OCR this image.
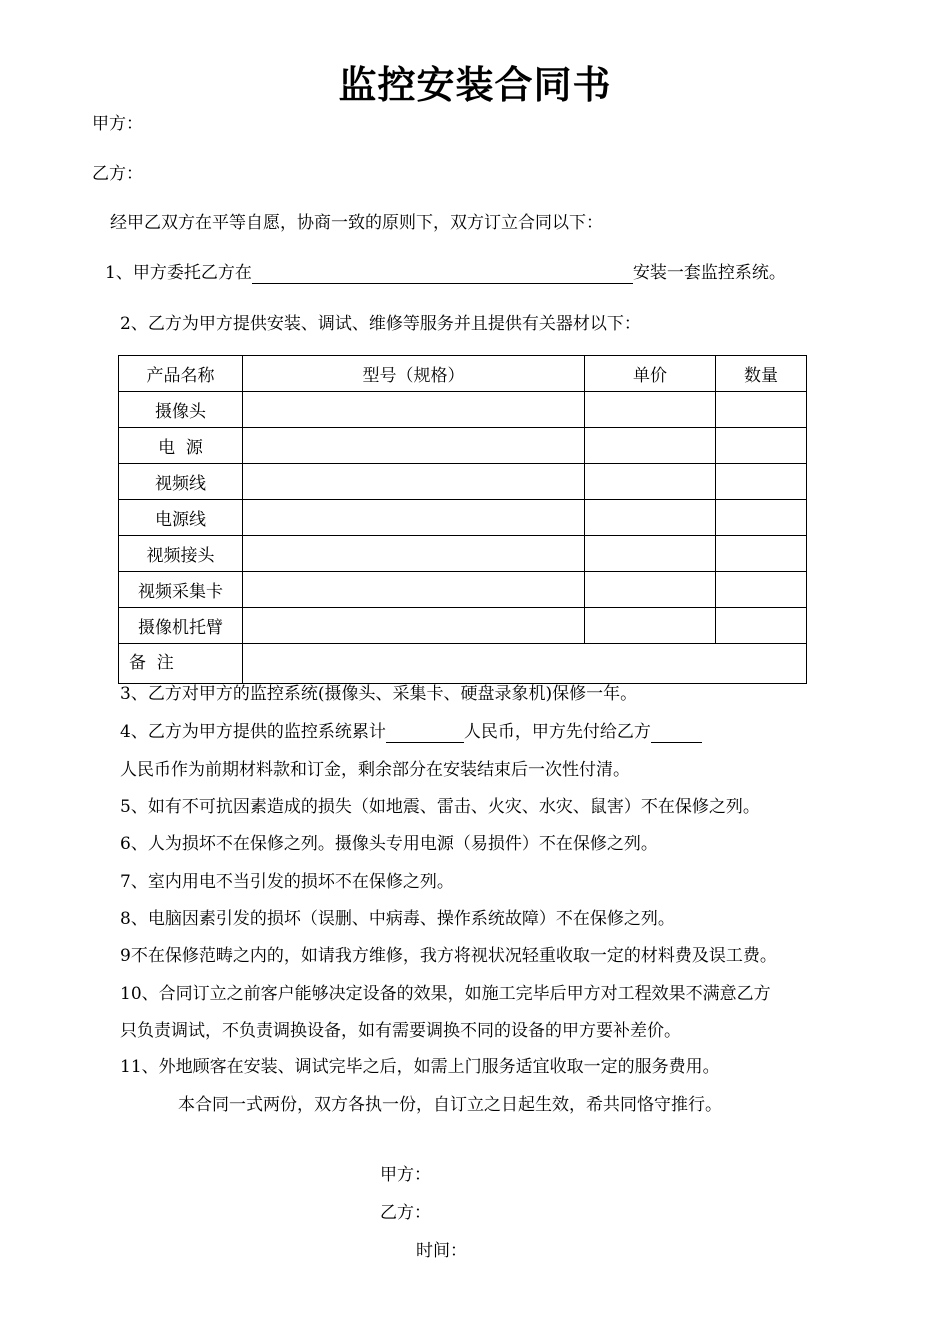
监控安装合同书
甲方：
乙方：
经甲乙双方在平等自愿，协商一致的原则下，双方订立合同以下：
1、甲方委托乙方在	安装一套监控系统。
2、乙方为甲方提供安装、调试、维修等服务并且提供有关器材以下：
产品名称	型号（规格）	单价	数量
摄像头			
电  源			
视频线			
电源线			
视频接头			
视频采集卡			
摄像机托臂			
备  注			
3、乙方对甲方的监控系统(摄像头、采集卡、硬盘录象机)保修一年。
4、乙方为甲方提供的监控系统累计	人民币，甲方先付给乙方
人民币作为前期材料款和订金，剩余部分在安装结束后一次性付清。
5、如有不可抗因素造成的损失（如地震、雷击、火灾、水灾、鼠害）不在保修之列。
6、人为损坏不在保修之列。摄像头专用电源（易损件）不在保修之列。
7、室内用电不当引发的损坏不在保修之列。
8、电脑因素引发的损坏（误删、中病毒、操作系统故障）不在保修之列。
9不在保修范畴之内的，如请我方维修，我方将视状况轻重收取一定的材料费及误工费。
10、合同订立之前客户能够决定设备的效果，如施工完毕后甲方对工程效果不满意乙方
只负责调试，不负责调换设备，如有需要调换不同的设备的甲方要补差价。
11、外地顾客在安装、调试完毕之后，如需上门服务适宜收取一定的服务费用。
本合同一式两份，双方各执一份，自订立之日起生效，希共同恪守推行。
甲方：
乙方：
时间：
